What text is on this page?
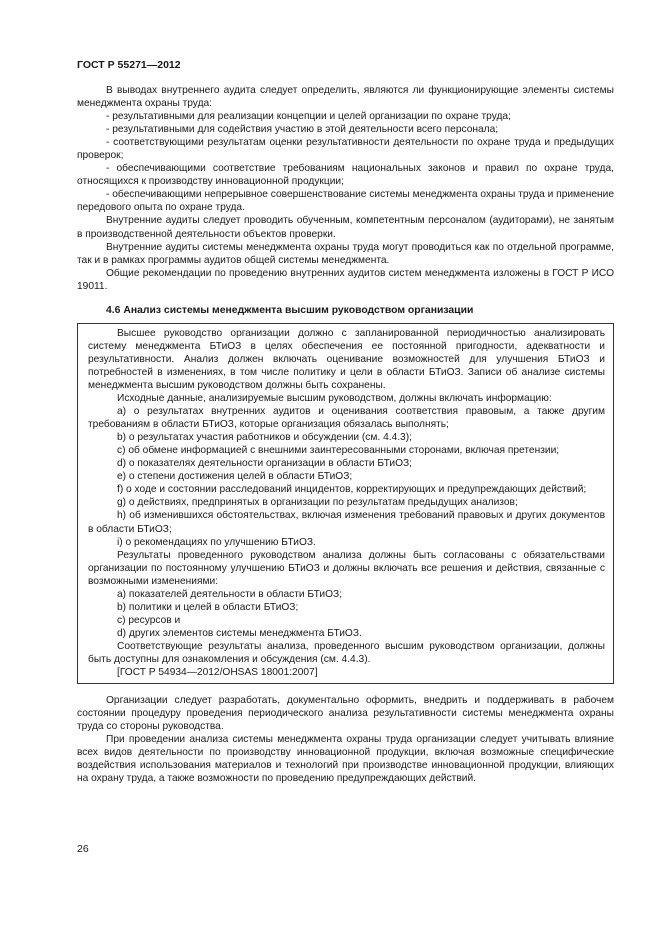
ГОСТ Р 55271—2012

В выводах внутреннего аудита следует определить, являются ли функционирующие элементы системы менеджмента охраны труда:

- результативными для реализации концепции и целей организации по охране труда;

- результативными для содействия участию в этой деятельности всего персонала;

- соответствующими результатам оценки результативности деятельности по охране труда и предыдущих проверок;

- обеспечивающими соответствие требованиям национальных законов и правил по охране труда, относящихся к производству инновационной продукции;

- обеспечивающими непрерывное совершенствование системы менеджмента охраны труда и применение передового опыта по охране труда.

Внутренние аудиты следует проводить обученным, компетентным персоналом (аудиторами), не занятым в производственной деятельности объектов проверки.

Внутренние аудиты системы менеджмента охраны труда могут проводиться как по отдельной программе, так и в рамках программы аудитов общей системы менеджмента.

Общие рекомендации по проведению внутренних аудитов систем менеджмента изложены в ГОСТ Р ИСО 19011.

4.6 Анализ системы менеджмента высшим руководством организации

Высшее руководство организации должно с запланированной периодичностью анализировать систему менеджмента БТиОЗ в целях обеспечения ее постоянной пригодности, адекватности и результативности. Анализ должен включать оценивание возможностей для улучшения БТиОЗ и потребностей в изменениях, в том числе политику и цели в области БТиОЗ. Записи об анализе системы менеджмента высшим руководством должны быть сохранены.

Исходные данные, анализируемые высшим руководством, должны включать информацию:

а) о результатах внутренних аудитов и оценивания соответствия правовым, а также другим требованиям в области БТиОЗ, которые организация обязалась выполнять;

b) о результатах участия работников и обсуждении (см. 4.4.3);

c) об обмене информацией с внешними заинтересованными сторонами, включая претензии;

d) о показателях деятельности организации в области БТиОЗ;

e) о степени достижения целей в области БТиОЗ;

f) о ходе и состоянии расследований инцидентов, корректирующих и предупреждающих действий;

g) о действиях, предпринятых в организации по результатам предыдущих анализов;

h) об изменившихся обстоятельствах, включая изменения требований правовых и других документов в области БТиОЗ;

i) о рекомендациях по улучшению БТиОЗ.

Результаты проведенного руководством анализа должны быть согласованы с обязательствами организации по постоянному улучшению БТиОЗ и должны включать все решения и действия, связанные с возможными изменениями:

a) показателей деятельности в области БТиОЗ;

b) политики и целей в области БТиОЗ;

c) ресурсов и

d) других элементов системы менеджмента БТиОЗ.

Соответствующие результаты анализа, проведенного высшим руководством организации, должны быть доступны для ознакомления и обсуждения (см. 4.4.3).

[ГОСТ Р 54934—2012/OHSAS 18001:2007]

Организации следует разработать, документально оформить, внедрить и поддерживать в рабочем состоянии процедуру проведения периодического анализа результативности системы менеджмента охраны труда со стороны руководства.

При проведении анализа системы менеджмента охраны труда организации следует учитывать влияние всех видов деятельности по производству инновационной продукции, включая возможные специфические воздействия использования материалов и технологий при производстве инновационной продукции, влияющих на охрану труда, а также возможности по проведению предупреждающих действий.

26
